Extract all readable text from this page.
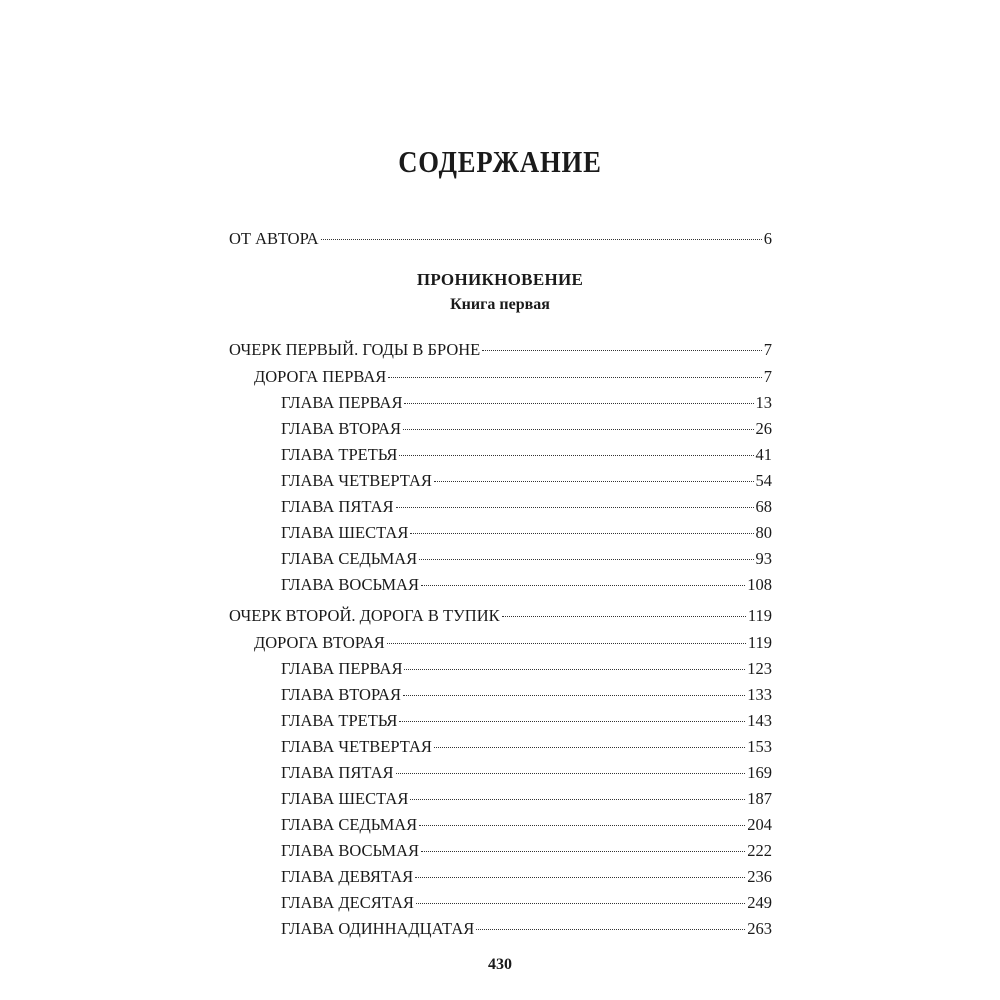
СОДЕРЖАНИЕ
ОТ АВТОРА	6
ПРОНИКНОВЕНИЕ
Книга первая
ОЧЕРК ПЕРВЫЙ. ГОДЫ В БРОНЕ	7
ДОРОГА ПЕРВАЯ	7
ГЛАВА ПЕРВАЯ	13
ГЛАВА ВТОРАЯ	26
ГЛАВА ТРЕТЬЯ	41
ГЛАВА ЧЕТВЕРТАЯ	54
ГЛАВА ПЯТАЯ	68
ГЛАВА ШЕСТАЯ	80
ГЛАВА СЕДЬМАЯ	93
ГЛАВА ВОСЬМАЯ	108
ОЧЕРК ВТОРОЙ. ДОРОГА В ТУПИК	119
ДОРОГА ВТОРАЯ	119
ГЛАВА ПЕРВАЯ	123
ГЛАВА ВТОРАЯ	133
ГЛАВА ТРЕТЬЯ	143
ГЛАВА ЧЕТВЕРТАЯ	153
ГЛАВА ПЯТАЯ	169
ГЛАВА ШЕСТАЯ	187
ГЛАВА СЕДЬМАЯ	204
ГЛАВА ВОСЬМАЯ	222
ГЛАВА ДЕВЯТАЯ	236
ГЛАВА ДЕСЯТАЯ	249
ГЛАВА ОДИННАДЦАТАЯ	263
430
